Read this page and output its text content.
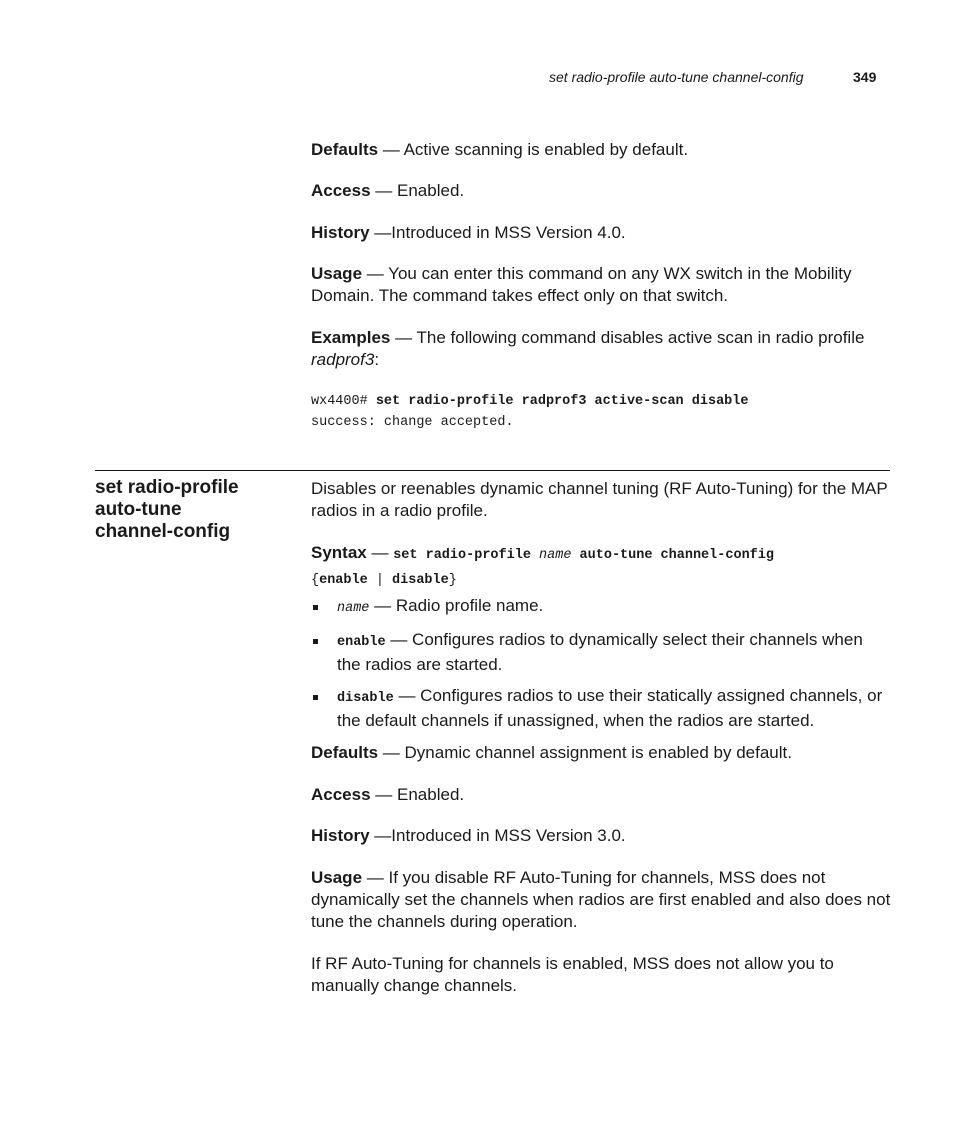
set radio-profile auto-tune channel-config	349

Defaults — Active scanning is enabled by default.

Access — Enabled.

History —Introduced in MSS Version 4.0.

Usage — You can enter this command on any WX switch in the Mobility Domain. The command takes effect only on that switch.

Examples — The following command disables active scan in radio profile radprof3:

wx4400# set radio-profile radprof3 active-scan disable
success: change accepted.
set radio-profile
auto-tune
channel-config

Disables or reenables dynamic channel tuning (RF Auto-Tuning) for the MAP radios in a radio profile.

Syntax — set radio-profile name auto-tune channel-config
{enable | disable}
name — Radio profile name.
enable — Configures radios to dynamically select their channels when the radios are started.
disable — Configures radios to use their statically assigned channels, or the default channels if unassigned, when the radios are started.

Defaults — Dynamic channel assignment is enabled by default.

Access — Enabled.

History —Introduced in MSS Version 3.0.

Usage — If you disable RF Auto-Tuning for channels, MSS does not dynamically set the channels when radios are first enabled and also does not tune the channels during operation.

If RF Auto-Tuning for channels is enabled, MSS does not allow you to manually change channels.
